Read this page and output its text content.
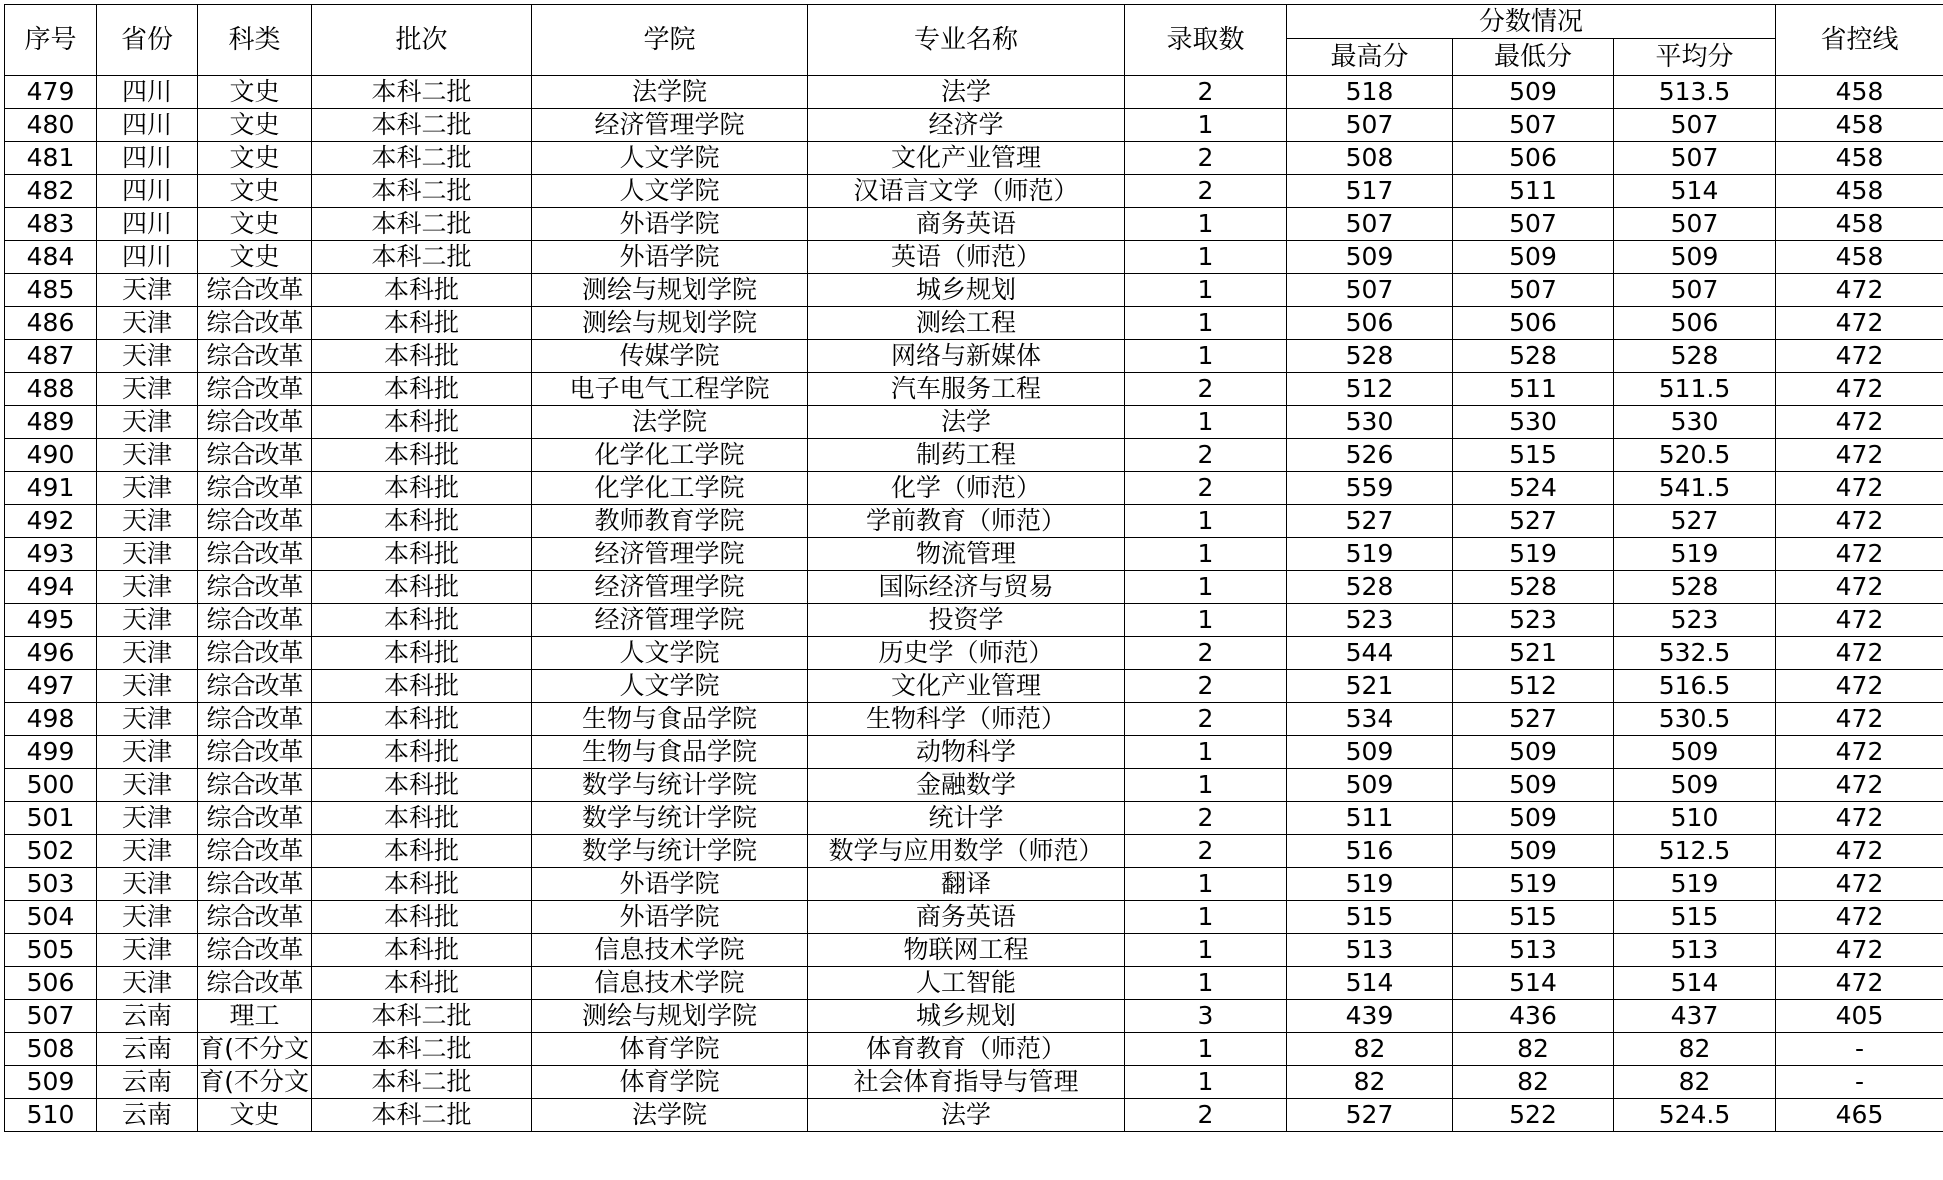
序号	省份	科类	批次	学院	专业名称	录取数	分数情况			省控线
							最高分	最低分	平均分	
479	四川	文史	本科二批	法学院	法学	2	518	509	513.5	458
480	四川	文史	本科二批	经济管理学院	经济学	1	507	507	507	458
481	四川	文史	本科二批	人文学院	文化产业管理	2	508	506	507	458
482	四川	文史	本科二批	人文学院	汉语言文学（师范）	2	517	511	514	458
483	四川	文史	本科二批	外语学院	商务英语	1	507	507	507	458
484	四川	文史	本科二批	外语学院	英语（师范）	1	509	509	509	458
485	天津	综合改革	本科批	测绘与规划学院	城乡规划	1	507	507	507	472
486	天津	综合改革	本科批	测绘与规划学院	测绘工程	1	506	506	506	472
487	天津	综合改革	本科批	传媒学院	网络与新媒体	1	528	528	528	472
488	天津	综合改革	本科批	电子电气工程学院	汽车服务工程	2	512	511	511.5	472
489	天津	综合改革	本科批	法学院	法学	1	530	530	530	472
490	天津	综合改革	本科批	化学化工学院	制药工程	2	526	515	520.5	472
491	天津	综合改革	本科批	化学化工学院	化学（师范）	2	559	524	541.5	472
492	天津	综合改革	本科批	教师教育学院	学前教育（师范）	1	527	527	527	472
493	天津	综合改革	本科批	经济管理学院	物流管理	1	519	519	519	472
494	天津	综合改革	本科批	经济管理学院	国际经济与贸易	1	528	528	528	472
495	天津	综合改革	本科批	经济管理学院	投资学	1	523	523	523	472
496	天津	综合改革	本科批	人文学院	历史学（师范）	2	544	521	532.5	472
497	天津	综合改革	本科批	人文学院	文化产业管理	2	521	512	516.5	472
498	天津	综合改革	本科批	生物与食品学院	生物科学（师范）	2	534	527	530.5	472
499	天津	综合改革	本科批	生物与食品学院	动物科学	1	509	509	509	472
500	天津	综合改革	本科批	数学与统计学院	金融数学	1	509	509	509	472
501	天津	综合改革	本科批	数学与统计学院	统计学	2	511	509	510	472
502	天津	综合改革	本科批	数学与统计学院	数学与应用数学（师范）	2	516	509	512.5	472
503	天津	综合改革	本科批	外语学院	翻译	1	519	519	519	472
504	天津	综合改革	本科批	外语学院	商务英语	1	515	515	515	472
505	天津	综合改革	本科批	信息技术学院	物联网工程	1	513	513	513	472
506	天津	综合改革	本科批	信息技术学院	人工智能	1	514	514	514	472
507	云南	理工	本科二批	测绘与规划学院	城乡规划	3	439	436	437	405
508	云南	育(不分文	本科二批	体育学院	体育教育（师范）	1	82	82	82	-
509	云南	育(不分文	本科二批	体育学院	社会体育指导与管理	1	82	82	82	-
510	云南	文史	本科二批	法学院	法学	2	527	522	524.5	465
